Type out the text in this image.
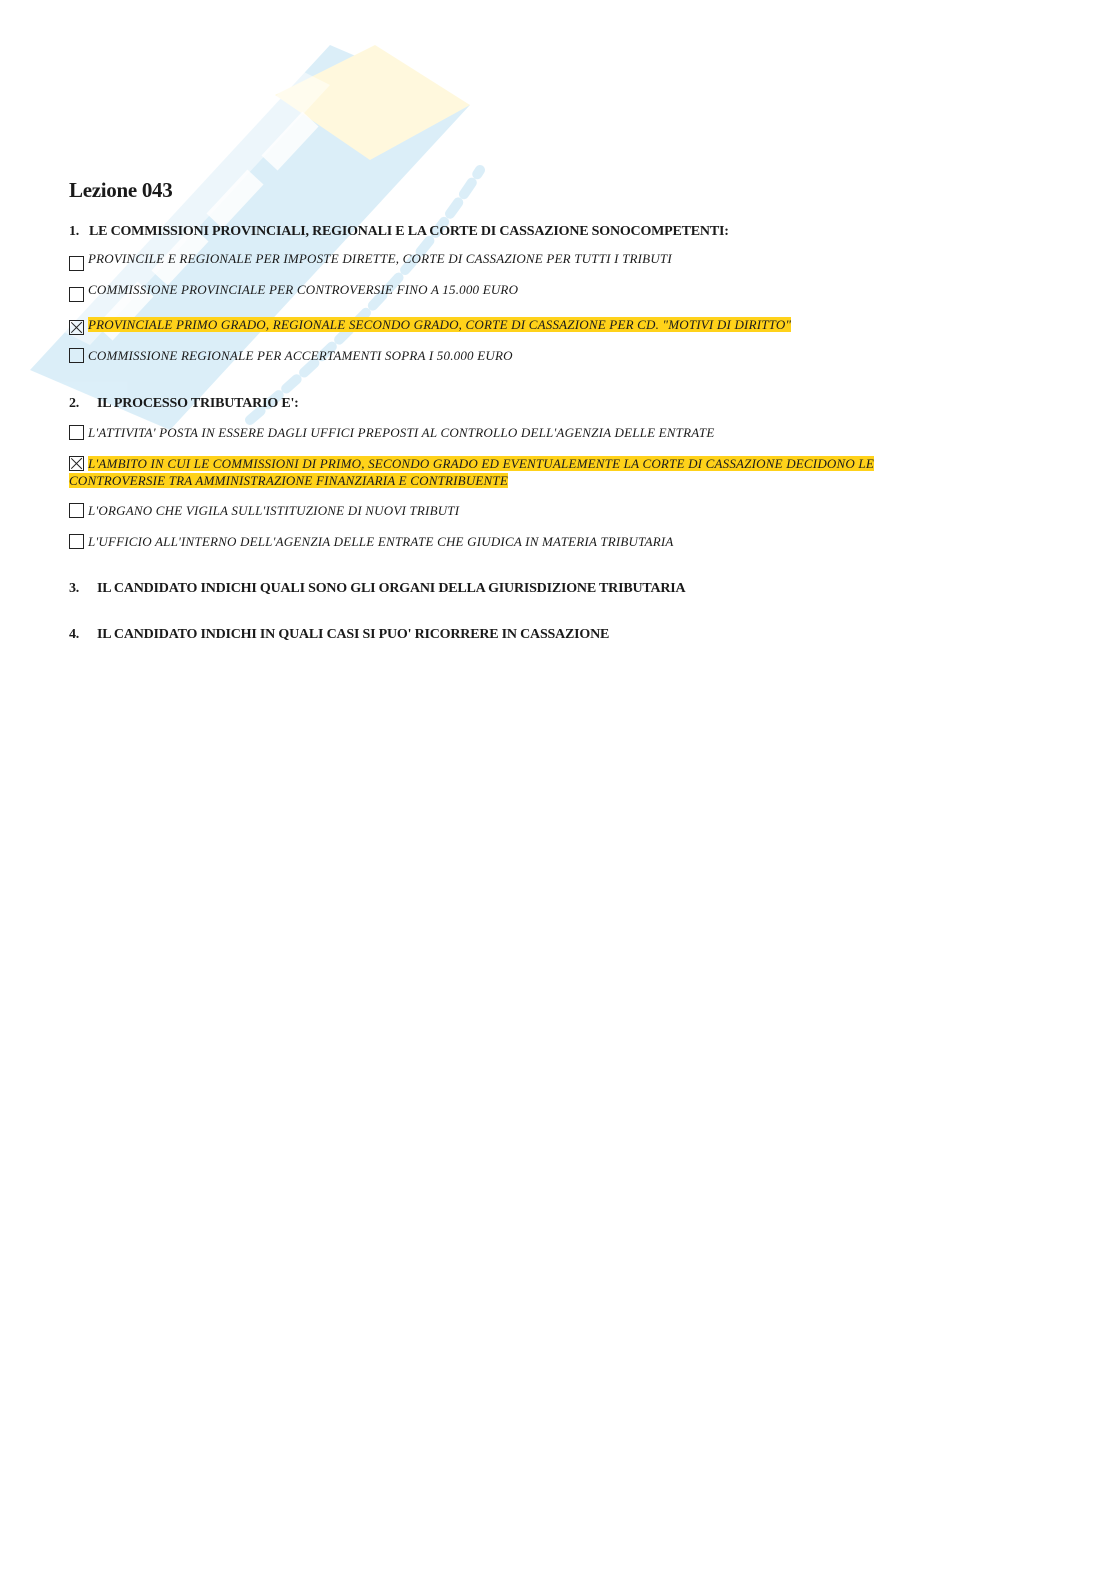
Lezione 043
1. LE COMMISSIONI PROVINCIALI, REGIONALI E LA CORTE DI CASSAZIONE SONOCOMPETENTI:
PROVINCILE E REGIONALE PER IMPOSTE DIRETTE, CORTE DI CASSAZIONE PER TUTTI I TRIBUTI
COMMISSIONE PROVINCIALE PER CONTROVERSIE FINO A 15.000 EURO
PROVINCIALE PRIMO GRADO, REGIONALE SECONDO GRADO, CORTE DI CASSAZIONE PER CD. "MOTIVI DI DIRITTO"
COMMISSIONE REGIONALE PER ACCERTAMENTI SOPRA I 50.000 EURO
2. IL PROCESSO TRIBUTARIO E':
L'ATTIVITA' POSTA IN ESSERE DAGLI UFFICI PREPOSTI AL CONTROLLO DELL'AGENZIA DELLE ENTRATE
L'AMBITO IN CUI LE COMMISSIONI DI PRIMO, SECONDO GRADO ED EVENTUALEMENTE LA CORTE DI CASSAZIONE DECIDONO LE CONTROVERSIE TRA AMMINISTRAZIONE FINANZIARIA E CONTRIBUENTE
L'ORGANO CHE VIGILA SULL'ISTITUZIONE DI NUOVI TRIBUTI
L'UFFICIO ALL'INTERNO DELL'AGENZIA DELLE ENTRATE CHE GIUDICA IN MATERIA TRIBUTARIA
3. IL CANDIDATO INDICHI QUALI SONO GLI ORGANI DELLA GIURISDIZIONE TRIBUTARIA
4. IL CANDIDATO INDICHI IN QUALI CASI SI PUO' RICORRERE IN CASSAZIONE
